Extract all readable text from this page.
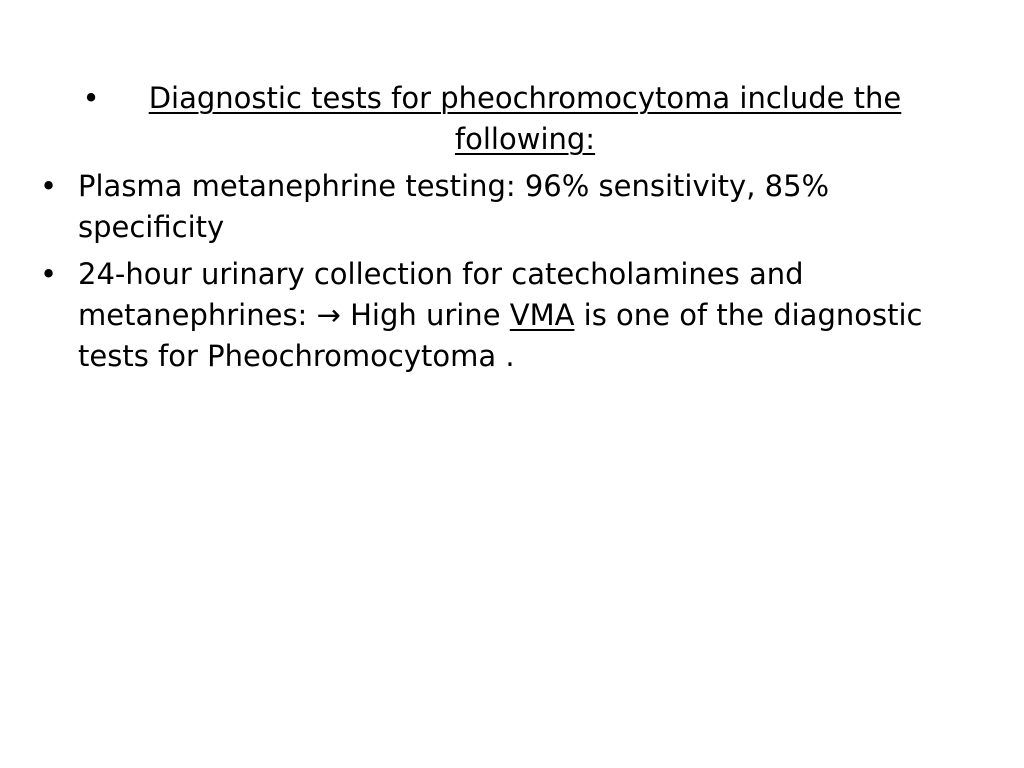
•	Diagnostic tests for pheochromocytoma include the following:
• Plasma metanephrine testing: 96% sensitivity, 85% specificity
• 24-hour urinary collection for catecholamines and metanephrines: → High urine VMA is one of the diagnostic tests for Pheochromocytoma .
